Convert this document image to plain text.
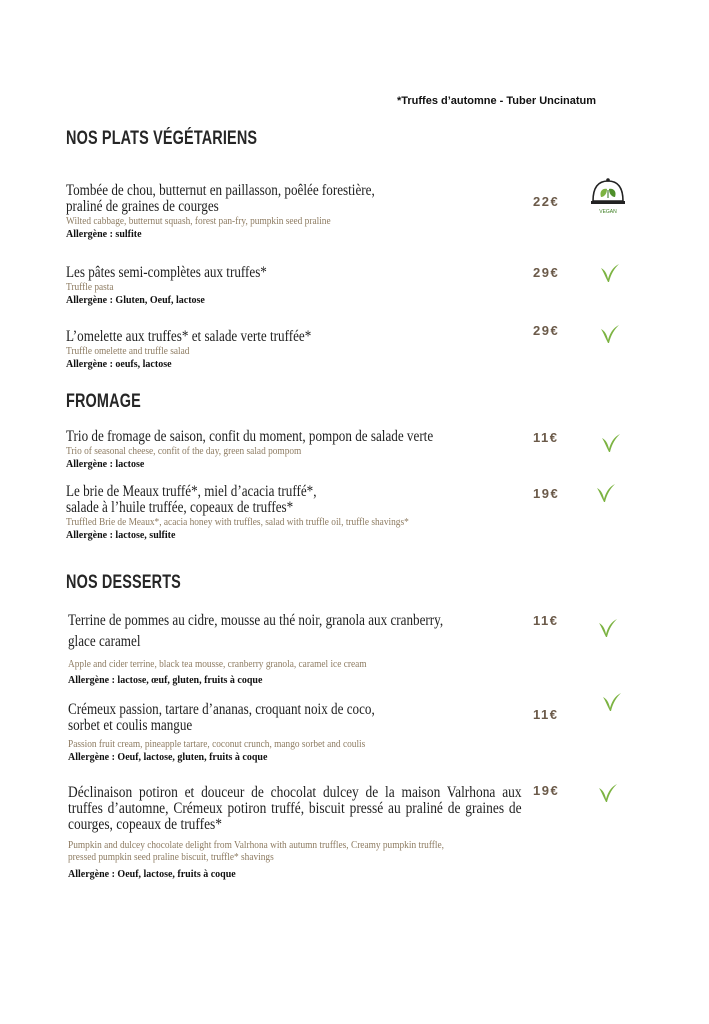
*Truffes d’automne - Tuber Uncinatum
NOS PLATS VÉGÉTARIENS
Tombée de chou, butternut en paillasson, poêlée forestière,
praliné de graines de courges
Wilted cabbage, butternut squash, forest pan-fry, pumpkin seed praline
Allergène : sulfite
22€
VEGAN
Les pâtes semi-complètes aux truffes*
Truffle pasta
Allergène : Gluten, Oeuf, lactose
29€
L’omelette aux truffes* et salade verte truffée*
Truffle omelette and truffle salad
Allergène : oeufs, lactose
29€
FROMAGE
Trio de fromage de saison, confit du moment, pompon de salade verte
Trio of seasonal cheese, confit of the day, green salad pompom
Allergène : lactose
11€
Le brie de Meaux truffé*, miel d’acacia truffé*,
salade à l’huile truffée, copeaux de truffes*
Truffled Brie de Meaux*, acacia honey with truffles, salad with truffle oil, truffle shavings*
Allergène : lactose, sulfite
19€
NOS DESSERTS
Terrine de pommes au cidre, mousse au thé noir, granola aux cranberry,
glace caramel
Apple and cider terrine, black tea mousse, cranberry granola, caramel ice cream
Allergène : lactose, œuf, gluten, fruits à coque
11€
Crémeux passion, tartare d’ananas, croquant noix de coco,
sorbet et coulis mangue
Passion fruit cream, pineapple tartare, coconut crunch, mango sorbet and coulis
Allergène : Oeuf, lactose, gluten, fruits à coque
11€
Déclinaison potiron et douceur de chocolat dulcey de la maison Valrhona aux truffes d’automne, Crémeux potiron truffé, biscuit pressé au praliné de graines de courges, copeaux de truffes*
Pumpkin and dulcey chocolate delight from Valrhona with autumn truffles, Creamy pumpkin truffle,
pressed pumpkin seed praline biscuit, truffle* shavings
Allergène : Oeuf, lactose, fruits à coque
19€
